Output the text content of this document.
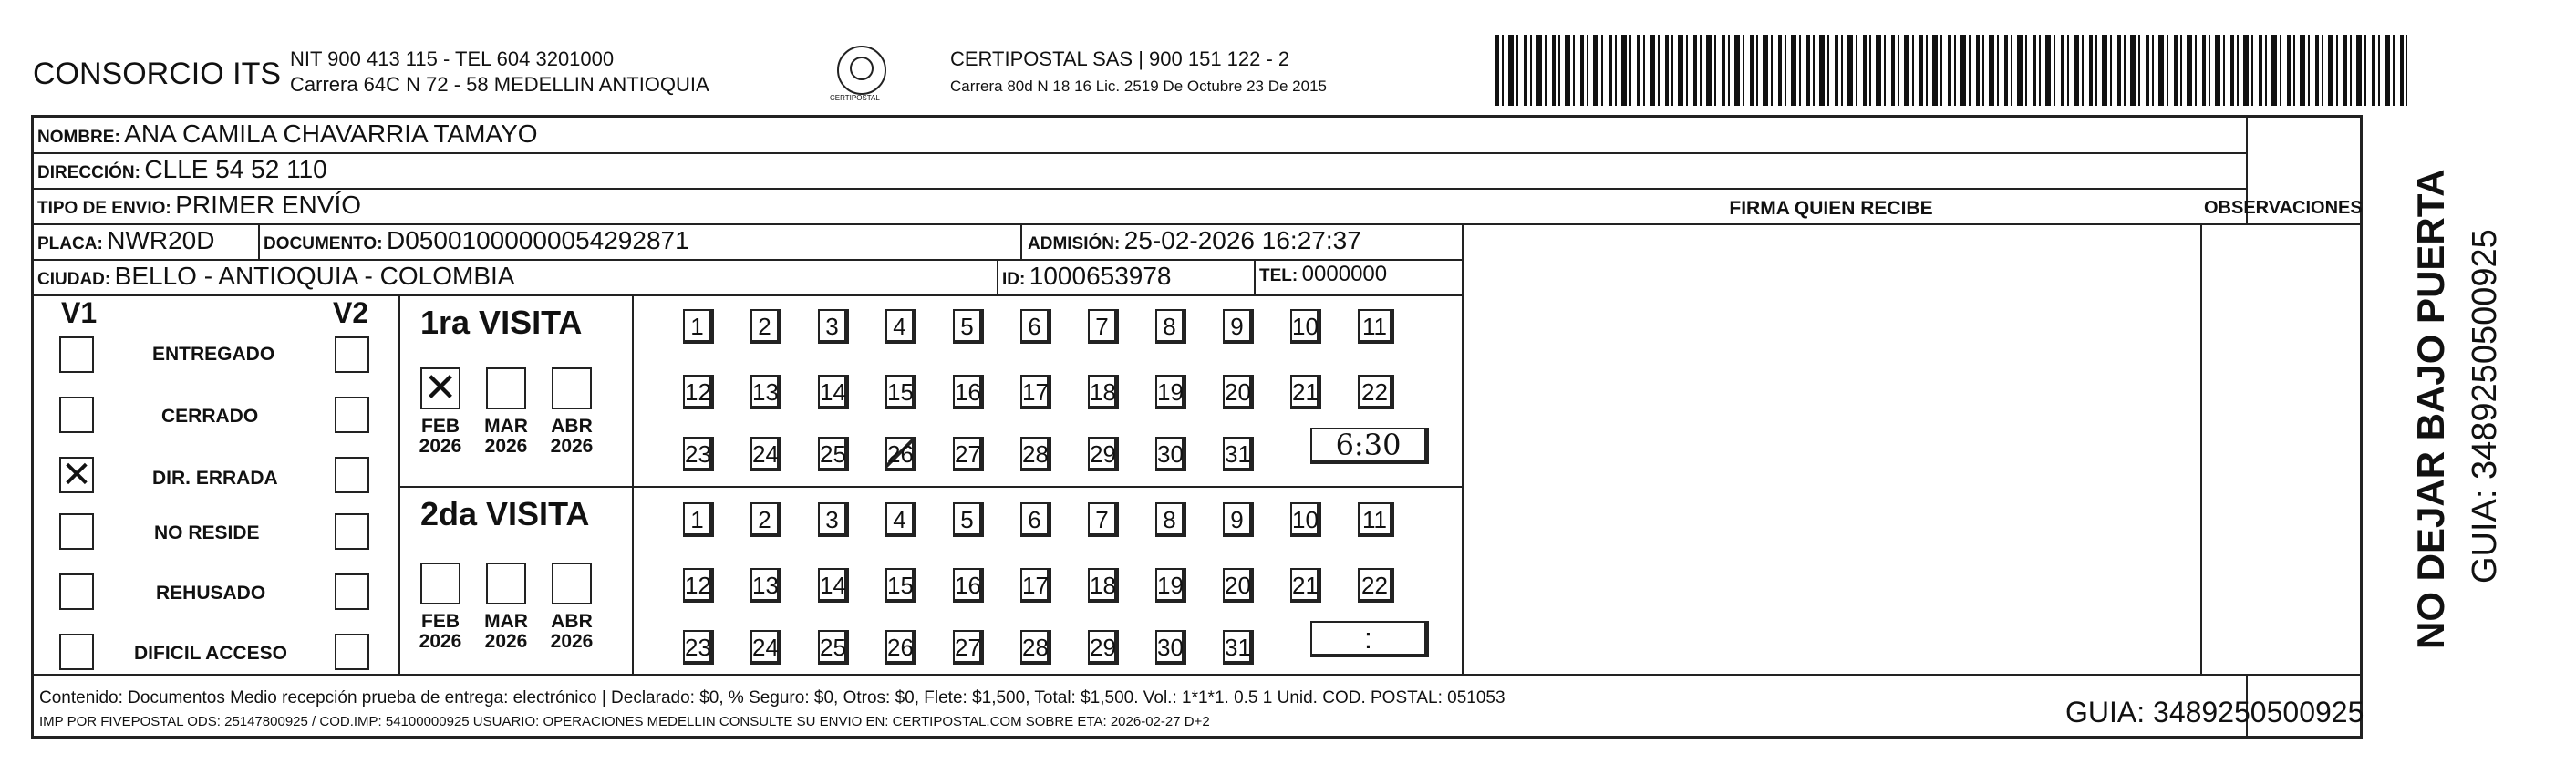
CONSORCIO ITS NIT 900 413 115 - TEL 604 3201000
Carrera 64C N 72 - 58 MEDELLIN ANTIOQUIA
CERTIPOSTAL
CERTIPOSTAL SAS | 900 151 122 - 2
Carrera 80d N 18 16 Lic. 2519 De Octubre 23 De 2015
NOMBRE: ANA CAMILA CHAVARRIA TAMAYO
DIRECCIÓN: CLLE 54 52 110
TIPO DE ENVIO: PRIMER ENVÍO	FIRMA QUIEN RECIBE	OBSERVACIONES
PLACA: NWR20D	DOCUMENTO: D05001000000054292871	ADMISIÓN: 25-02-2026 16:27:37
CIUDAD: BELLO - ANTIOQUIA - COLOMBIA	ID: 1000653978	TEL: 0000000
V1	V2
ENTREGADO
CERRADO
✕	DIR. ERRADA
NO RESIDE
REHUSADO
DIFICIL ACCESO
1ra VISITA
✕
FEB
2026
MAR
2026
ABR
2026
2da VISITA
FEB
2026
MAR
2026
ABR
2026
1	2	3	4	5	6	7	8	9	10 11
12 13 14 15 16 17 18 19 20 21 22
23 24 25 26 27 28 29 30 31
1	2	3	4	5	6	7	8	9	10 11
12 13 14 15 16 17 18 19 20 21 22
23 24 25 26 27 28 29 30 31
6:30
:
Contenido: Documentos Medio recepción prueba de entrega: electrónico | Declarado: $0, % Seguro: $0, Otros: $0, Flete: $1,500, Total: $1,500. Vol.: 1*1*1. 0.5 1 Unid. COD. POSTAL: 051053
IMP POR FIVEPOSTAL ODS: 25147800925 / COD.IMP: 54100000925 USUARIO: OPERACIONES MEDELLIN CONSULTE SU ENVIO EN: CERTIPOSTAL.COM SOBRE ETA: 2026-02-27 D+2	GUIA: 3489250500925
NO DEJAR BAJO PUERTA GUIA: 3489250500925
